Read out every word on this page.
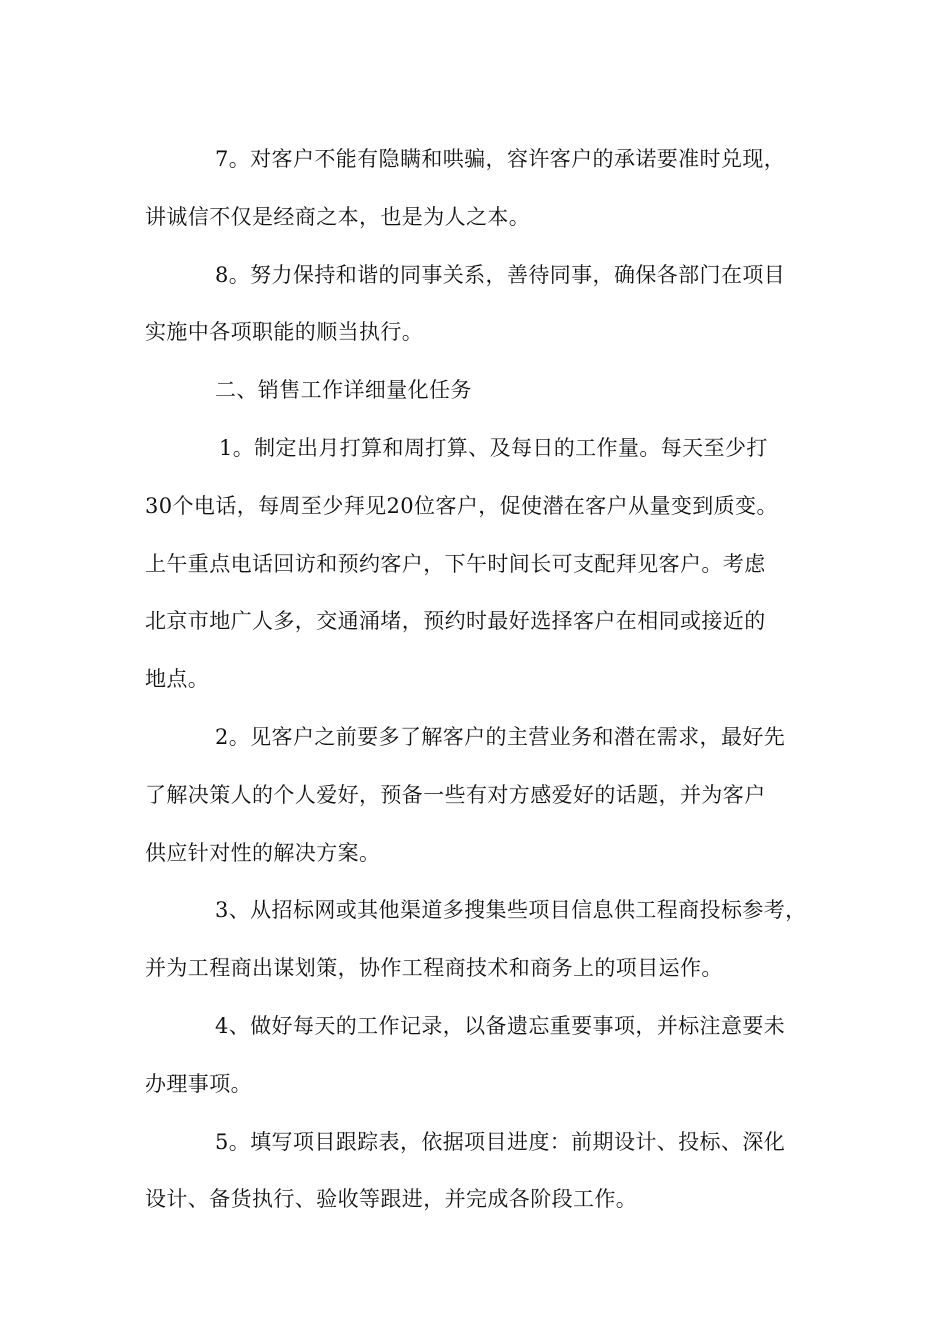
7。对客户不能有隐瞒和哄骗，容许客户的承诺要准时兑现，
讲诚信不仅是经商之本，也是为人之本。
8。努力保持和谐的同事关系，善待同事，确保各部门在项目
实施中各项职能的顺当执行。
二、销售工作详细量化任务
1。制定出月打算和周打算、及每日的工作量。每天至少打
30个电话，每周至少拜见20位客户，促使潜在客户从量变到质变。
上午重点电话回访和预约客户，下午时间长可支配拜见客户。考虑
北京市地广人多，交通涌堵，预约时最好选择客户在相同或接近的
地点。
2。见客户之前要多了解客户的主营业务和潜在需求，最好先
了解决策人的个人爱好，预备一些有对方感爱好的话题，并为客户
供应针对性的解决方案。
3、从招标网或其他渠道多搜集些项目信息供工程商投标参考，
并为工程商出谋划策，协作工程商技术和商务上的项目运作。
4、做好每天的工作记录，以备遗忘重要事项，并标注意要未
办理事项。
5。填写项目跟踪表，依据项目进度：前期设计、投标、深化
设计、备货执行、验收等跟进，并完成各阶段工作。
